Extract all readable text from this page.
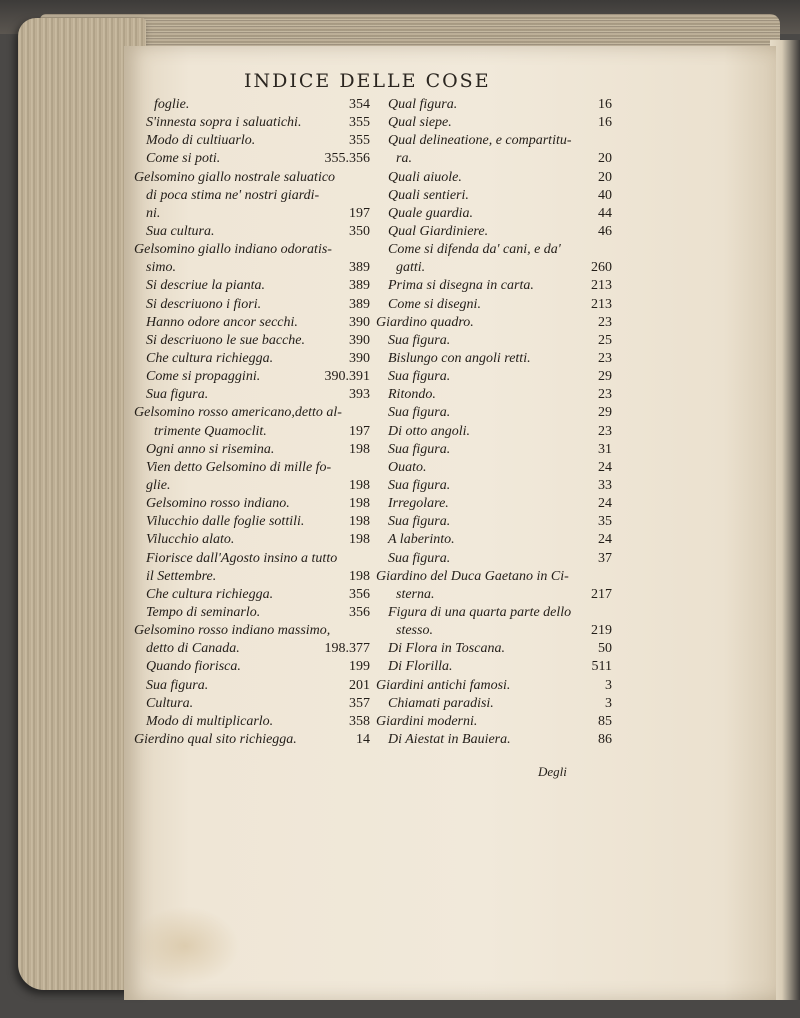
INDICE DELLE COSE
foglie.	354
S'innesta sopra i saluatichi.	355
Modo di cultiuarlo.	355
Come si poti.	355.356
Gelsomino giallo nostrale saluatico
di poca stima ne' nostri giardi-
ni.	197
Sua cultura.	350
Gelsomino giallo indiano odoratis-
simo.	389
Si descriue la pianta.	389
Si descriuono i fiori.	389
Hanno odore ancor secchi.	390
Si descriuono le sue bacche.	390
Che cultura richiegga.	390
Come si propaggini.	390.391
Sua figura.	393
Gelsomino rosso americano,detto al-
trimente Quamoclit.	197
Ogni anno si risemina.	198
Vien detto Gelsomino di mille fo-
glie.	198
Gelsomino rosso indiano.	198
Vilucchio dalle foglie sottili.	198
Vilucchio alato.	198
Fiorisce dall'Agosto insino a tutto
il Settembre.	198
Che cultura richiegga.	356
Tempo di seminarlo.	356
Gelsomino rosso indiano massimo,
detto di Canada.	198.377
Quando fiorisca.	199
Sua figura.	201
Cultura.	357
Modo di multiplicarlo.	358
Gierdino qual sito richiegga.	14
Qual figura.	16
Qual siepe.	16
Qual delineatione, e compartitu-
ra.	20
Quali aiuole.	20
Quali sentieri.	40
Quale guardia.	44
Qual Giardiniere.	46
Come si difenda da' cani, e da'
gatti.	260
Prima si disegna in carta.	213
Come si disegni.	213
Giardino quadro.	23
Sua figura.	25
Bislungo con angoli retti.	23
Sua figura.	29
Ritondo.	23
Sua figura.	29
Di otto angoli.	23
Sua figura.	31
Ouato.	24
Sua figura.	33
Irregolare.	24
Sua figura.	35
A laberinto.	24
Sua figura.	37
Giardino del Duca Gaetano in Ci-
sterna.	217
Figura di una quarta parte dello
stesso.	219
Di Flora in Toscana.	50
Di Florilla.	511
Giardini antichi famosi.	3
Chiamati paradisi.	3
Giardini moderni.	85
Di Aiestat in Bauiera.	86
Degli
